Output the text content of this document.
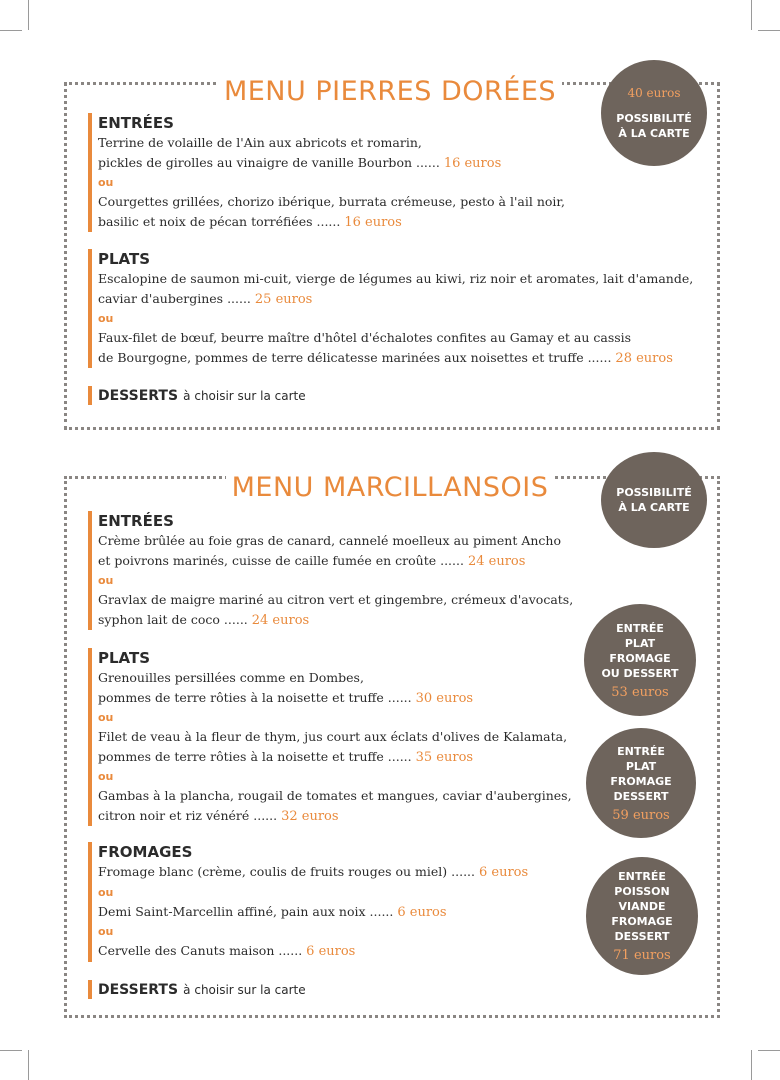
MENU PIERRES DORÉES
ENTRÉES
Terrine de volaille de l'Ain aux abricots et romarin,
pickles de girolles au vinaigre de vanille Bourbon ...... 16 euros
ou
Courgettes grillées, chorizo ibérique, burrata crémeuse, pesto à l'ail noir,
basilic et noix de pécan torréfiées ...... 16 euros
PLATS
Escalopine de saumon mi-cuit, vierge de légumes au kiwi, riz noir et aromates, lait d'amande,
caviar d'aubergines ...... 25 euros
ou
Faux-filet de bœuf, beurre maître d'hôtel d'échalotes confites au Gamay et au cassis
de Bourgogne, pommes de terre délicatesse marinées aux noisettes et truffe ...... 28 euros
DESSERTS à choisir sur la carte
40 euros
POSSIBILITÉ
À LA CARTE
MENU MARCILLANSOIS
ENTRÉES
Crème brûlée au foie gras de canard, cannelé moelleux au piment Ancho
et poivrons marinés, cuisse de caille fumée en croûte ...... 24 euros
ou
Gravlax de maigre mariné au citron vert et gingembre, crémeux d'avocats,
syphon lait de coco ...... 24 euros
PLATS
Grenouilles persillées comme en Dombes,
pommes de terre rôties à la noisette et truffe ...... 30 euros
ou
Filet de veau à la fleur de thym, jus court aux éclats d'olives de Kalamata,
pommes de terre rôties à la noisette et truffe ...... 35 euros
ou
Gambas à la plancha, rougail de tomates et mangues, caviar d'aubergines,
citron noir et riz vénéré ...... 32 euros
FROMAGES
Fromage blanc (crème, coulis de fruits rouges ou miel) ...... 6 euros
ou
Demi Saint-Marcellin affiné, pain aux noix ...... 6 euros
ou
Cervelle des Canuts maison ...... 6 euros
DESSERTS à choisir sur la carte
POSSIBILITÉ
À LA CARTE
ENTRÉE
PLAT
FROMAGE
OU DESSERT
53 euros
ENTRÉE
PLAT
FROMAGE
DESSERT
59 euros
ENTRÉE
POISSON
VIANDE
FROMAGE
DESSERT
71 euros
